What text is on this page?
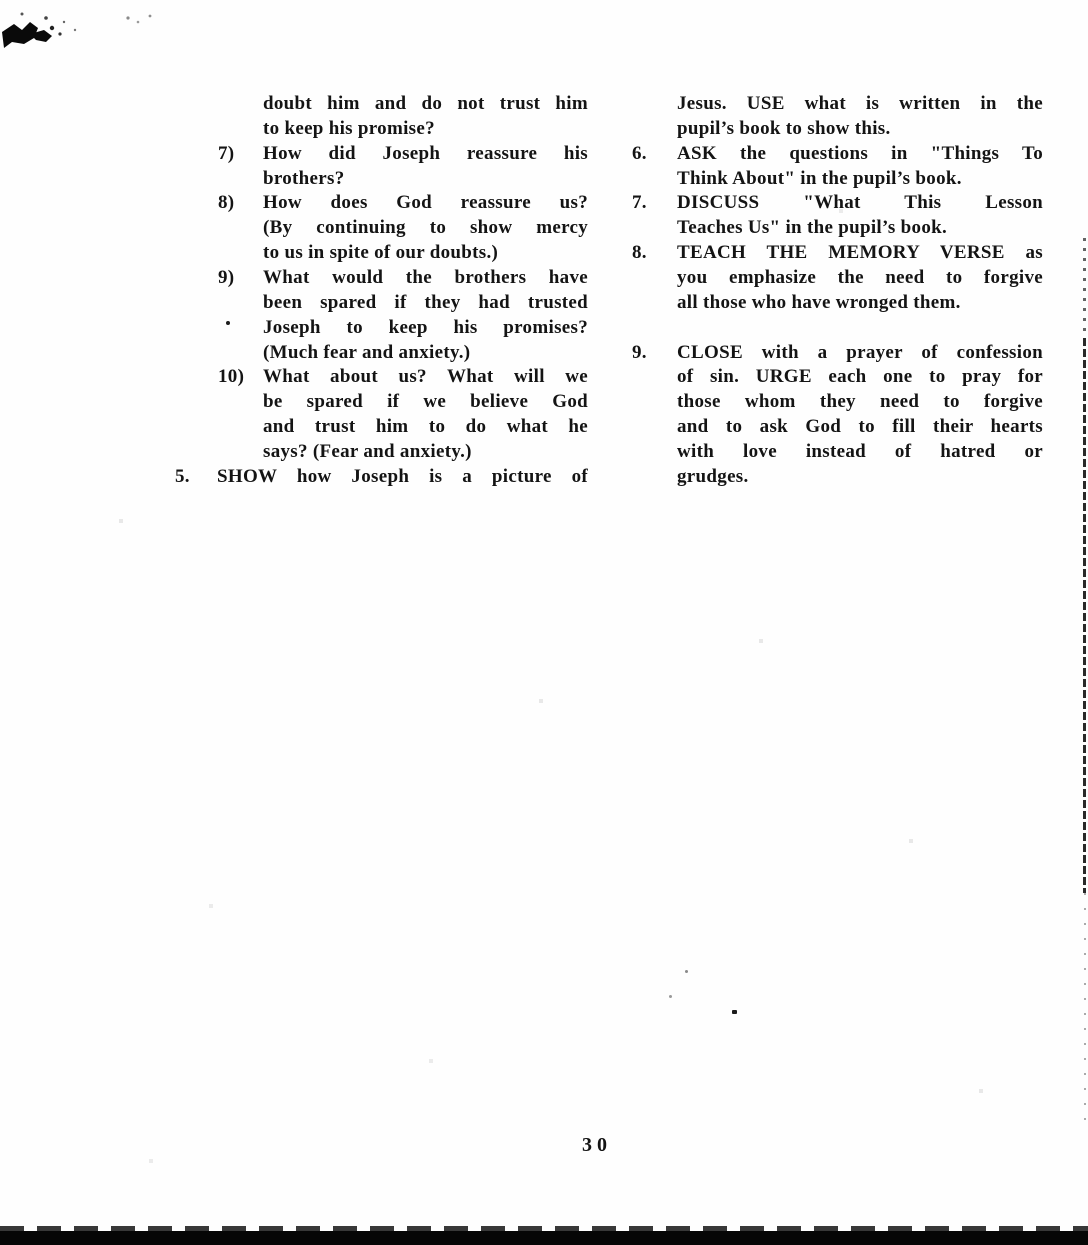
doubt him and do not trust him
to keep his promise?
7)	How did Joseph reassure his
brothers?
8)	How does God reassure us?
(By continuing to show mercy
to us in spite of our doubts.)
9)	What would the brothers have
been spared if they had trusted
Joseph to keep his promises?
(Much fear and anxiety.)
10) What about us? What will we
be spared if we believe God
and trust him to do what he
says? (Fear and anxiety.)
5.	SHOW how Joseph is a picture of
Jesus. USE what is written in the
pupil’s book to show this.
6.	ASK the questions in "Things To
Think About" in the pupil’s book.
7.	DISCUSS "What This Lesson
Teaches Us" in the pupil’s book.
8.	TEACH THE MEMORY VERSE as
you emphasize the need to forgive
all those who have wronged them.
9.	CLOSE with a prayer of confession
of sin. URGE each one to pray for
those whom they need to forgive
and to ask God to fill their hearts
with love instead of hatred or
grudges.
30
